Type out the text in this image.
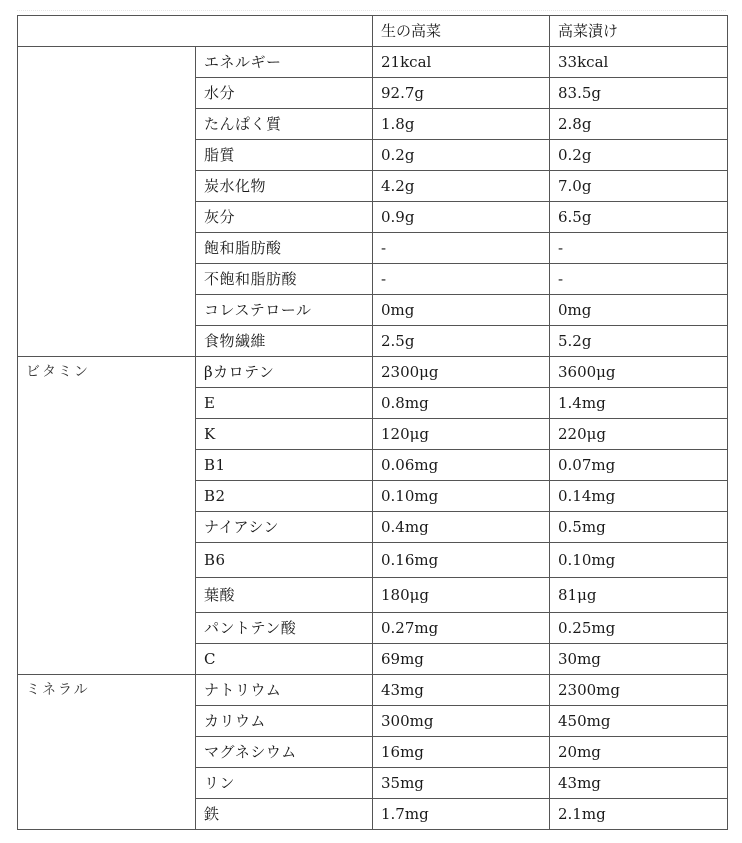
		生の高菜	高菜漬け
	エネルギー	21kcal	33kcal
	水分	92.7g	83.5g
	たんぱく質	1.8g	2.8g
	脂質	0.2g	0.2g
	炭水化物	4.2g	7.0g
	灰分	0.9g	6.5g
	飽和脂肪酸	-	-
	不飽和脂肪酸	-	-
	コレステロール	0mg	0mg
	食物繊維	2.5g	5.2g
ビタミン	βカロテン	2300μg	3600μg
	E	0.8mg	1.4mg
	K	120μg	220μg
	B1	0.06mg	0.07mg
	B2	0.10mg	0.14mg
	ナイアシン	0.4mg	0.5mg
	B6	0.16mg	0.10mg
	葉酸	180μg	81μg
	パントテン酸	0.27mg	0.25mg
	C	69mg	30mg
ミネラル	ナトリウム	43mg	2300mg
	カリウム	300mg	450mg
	マグネシウム	16mg	20mg
	リン	35mg	43mg
	鉄	1.7mg	2.1mg
